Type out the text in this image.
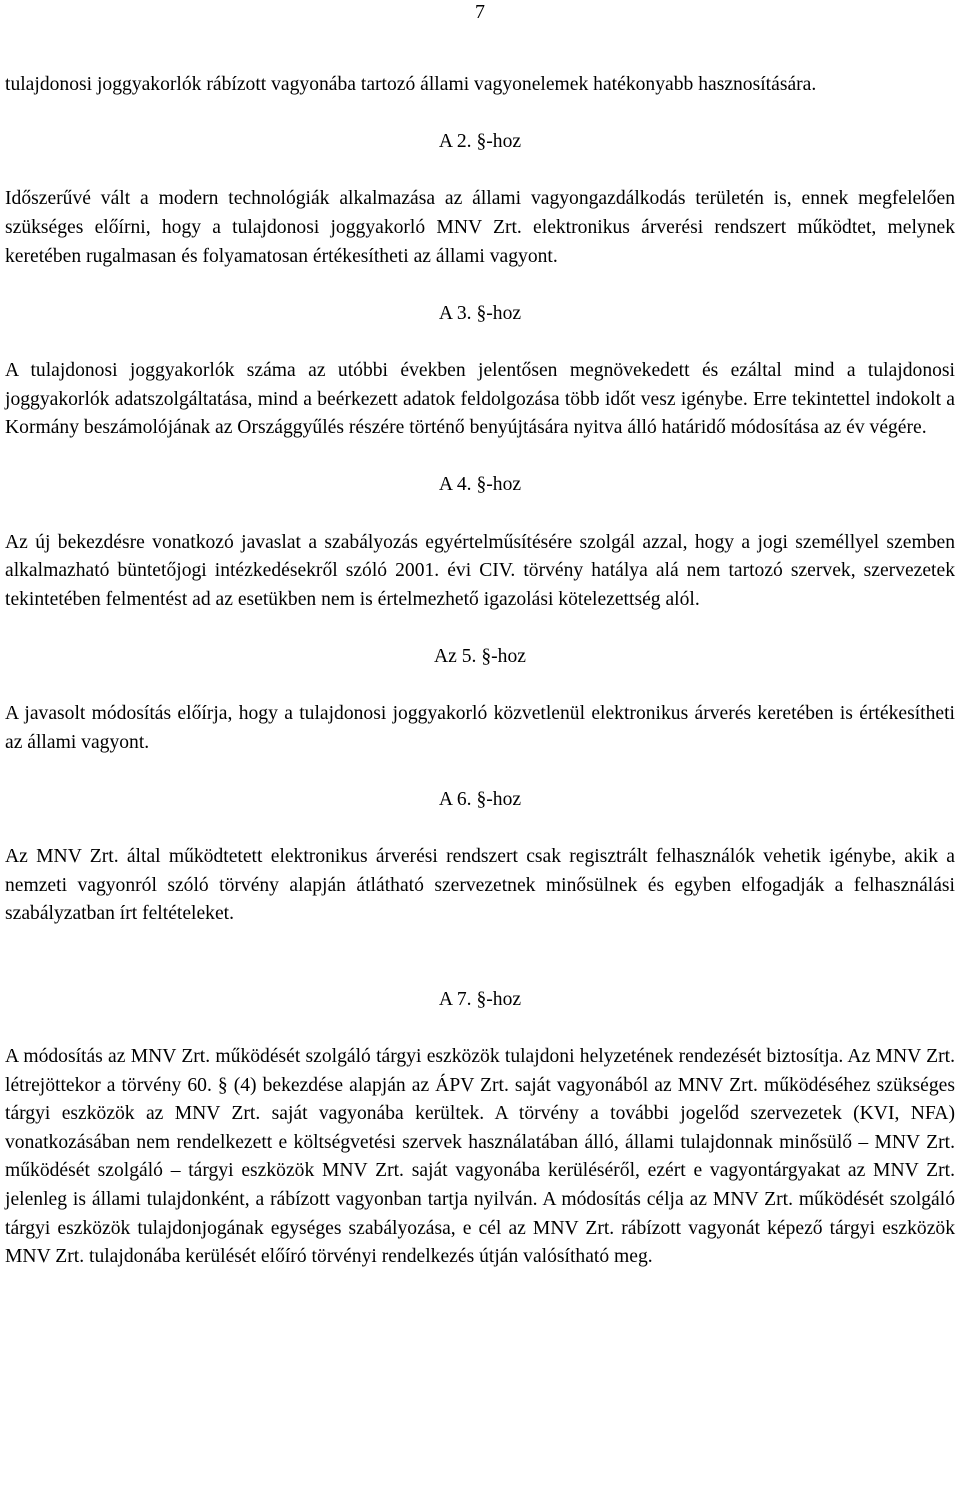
7

tulajdonosi joggyakorlók rábízott vagyonába tartozó állami vagyonelemek hatékonyabb hasznosítására.

A 2. §-hoz

Időszerűvé vált a modern technológiák alkalmazása az állami vagyongazdálkodás területén is, ennek megfelelően szükséges előírni, hogy a tulajdonosi joggyakorló MNV Zrt. elektronikus árverési rendszert működtet, melynek keretében rugalmasan és folyamatosan értékesítheti az állami vagyont.

A 3. §-hoz

A tulajdonosi joggyakorlók száma az utóbbi években jelentősen megnövekedett és ezáltal mind a tulajdonosi joggyakorlók adatszolgáltatása, mind a beérkezett adatok feldolgozása több időt vesz igénybe. Erre tekintettel indokolt a Kormány beszámolójának az Országgyűlés részére történő benyújtására nyitva álló határidő módosítása az év végére.

A 4. §-hoz

Az új bekezdésre vonatkozó javaslat a szabályozás egyértelműsítésére szolgál azzal, hogy a jogi személlyel szemben alkalmazható büntetőjogi intézkedésekről szóló 2001. évi CIV. törvény hatálya alá nem tartozó szervek, szervezetek tekintetében felmentést ad az esetükben nem is értelmezhető igazolási kötelezettség alól.

Az 5. §-hoz

A javasolt módosítás előírja, hogy a tulajdonosi joggyakorló közvetlenül elektronikus árverés keretében is értékesítheti az állami vagyont.

A 6. §-hoz

Az MNV Zrt. által működtetett elektronikus árverési rendszert csak regisztrált felhasználók vehetik igénybe, akik a nemzeti vagyonról szóló törvény alapján átlátható szervezetnek minősülnek és egyben elfogadják a felhasználási szabályzatban írt feltételeket.

A 7. §-hoz

A módosítás az MNV Zrt. működését szolgáló tárgyi eszközök tulajdoni helyzetének rendezését biztosítja. Az MNV Zrt. létrejöttekor a törvény 60. § (4) bekezdése alapján az ÁPV Zrt. saját vagyonából az MNV Zrt. működéséhez szükséges tárgyi eszközök az MNV Zrt. saját vagyonába kerültek. A törvény a további jogelőd szervezetek (KVI, NFA) vonatkozásában nem rendelkezett e költségvetési szervek használatában álló, állami tulajdonnak minősülő – MNV Zrt. működését szolgáló – tárgyi eszközök MNV Zrt. saját vagyonába kerüléséről, ezért e vagyontárgyakat az MNV Zrt. jelenleg is állami tulajdonként, a rábízott vagyonban tartja nyilván. A módosítás célja az MNV Zrt. működését szolgáló tárgyi eszközök tulajdonjogának egységes szabályozása, e cél az MNV Zrt. rábízott vagyonát képező tárgyi eszközök MNV Zrt. tulajdonába kerülését előíró törvényi rendelkezés útján valósítható meg.
